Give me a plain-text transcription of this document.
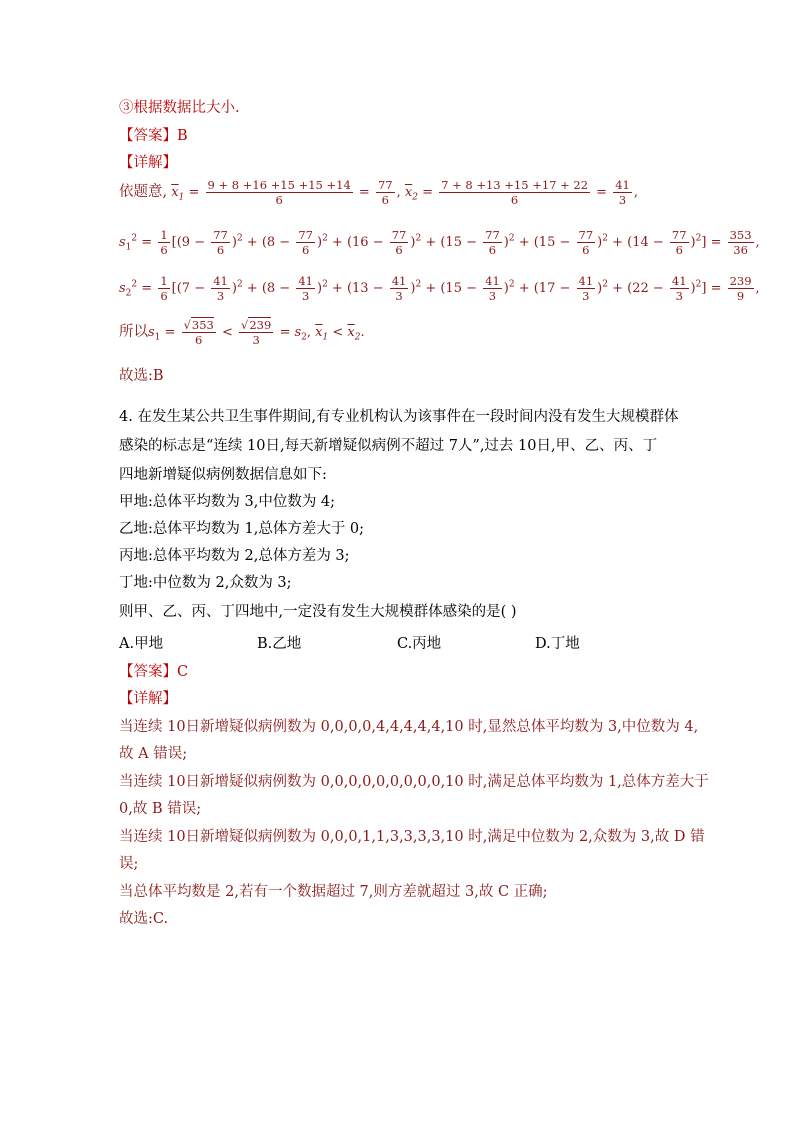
③根据数据比大小.
【答案】B
【详解】
依题意, $\overline{x}_1 = \frac{9 + 8 +16 +15 +15 +14}{6} = \frac{77}{6}$ , $\overline{x}_2 = \frac{7 + 8 +13 +15 +17 + 22}{6} = \frac{41}{3}$ ,
$s_1^2 = \frac{1}{6} [(9 - \frac{77}{6} )^2 + (8 - \frac{77}{6} )^2 + (16 - \frac{77}{6} )^2 + (15 - \frac{77}{6} )^2 + (15 - \frac{77}{6} )^2 + (14 - \frac{77}{6} )^2] = \frac{353}{36}$ ,
$s_2^2 = \frac{1}{6} [(7 - \frac{41}{3} )^2 + (8 - \frac{41}{3} )^2 + (13 - \frac{41}{3} )^2 + (15 - \frac{41}{3} )^2 + (17 - \frac{41}{3} )^2 + (22 - \frac{41}{3} )^2] = \frac{239}{9}$ ,
所以$s_1 = \frac{√353}{6} < \frac{√239}{3} = s_2$, $\overline{x}_1 < \overline{x}_2$.
故选:B
4. 在发生某公共卫生事件期间,有专业机构认为该事件在一段时间内没有发生大规模群体
感染的标志是“连续 10日,每天新增疑似病例不超过 7人”,过去 10日,甲、乙、丙、丁
四地新增疑似病例数据信息如下:
甲地:总体平均数为 3,中位数为 4;
乙地:总体平均数为 1,总体方差大于 0;
丙地:总体平均数为 2,总体方差为 3;
丁地:中位数为 2,众数为 3;
则甲、乙、丙、丁四地中,一定没有发生大规模群体感染的是( )
A.甲地	B.乙地	C.丙地	D.丁地
【答案】C
【详解】
当连续 10日新增疑似病例数为 0,0,0,0,4,4,4,4,4,10 时,显然总体平均数为 3,中位数为 4,
故 A 错误;
当连续 10日新增疑似病例数为 0,0,0,0,0,0,0,0,0,10 时,满足总体平均数为 1,总体方差大于
0,故 B 错误;
当连续 10日新增疑似病例数为 0,0,0,1,1,3,3,3,3,10 时,满足中位数为 2,众数为 3,故 D 错
误;
当总体平均数是 2,若有一个数据超过 7,则方差就超过 3,故 C 正确;
故选:C.
